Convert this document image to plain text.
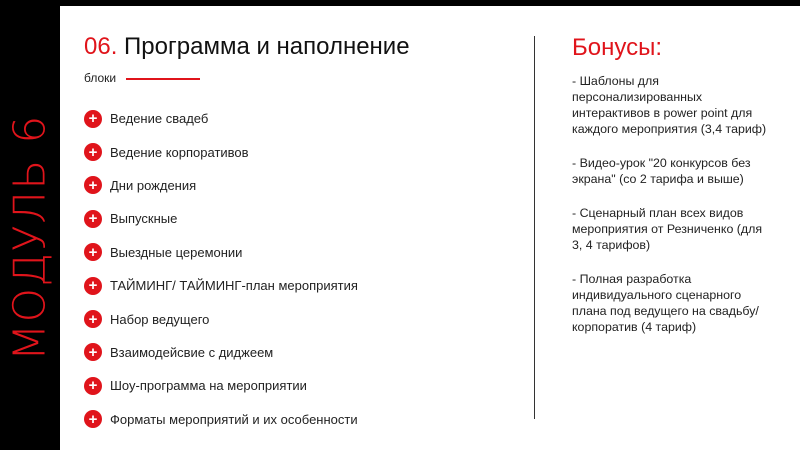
МОДУЛЬ 6
06. Программа и наполнение
блоки
+ Ведение свадеб
+ Ведение корпоративов
+ Дни рождения
+ Выпускные
+ Выездные церемонии
+ ТАЙМИНГ/ ТАЙМИНГ-план мероприятия
+ Набор ведущего
+ Взаимодейсвие с диджеем
+ Шоу-программа на мероприятии
+ Форматы мероприятий и их особенности
Бонусы:
- Шаблоны для персонализированных интерактивов в power point для каждого мероприятия (3,4 тариф)
- Видео-урок "20 конкурсов без экрана" (со 2 тарифа и выше)
- Сценарный план всех видов мероприятия от Резниченко (для 3, 4 тарифов)
- Полная разработка индивидуального сценарного плана под ведущего на свадьбу/корпоратив (4 тариф)
